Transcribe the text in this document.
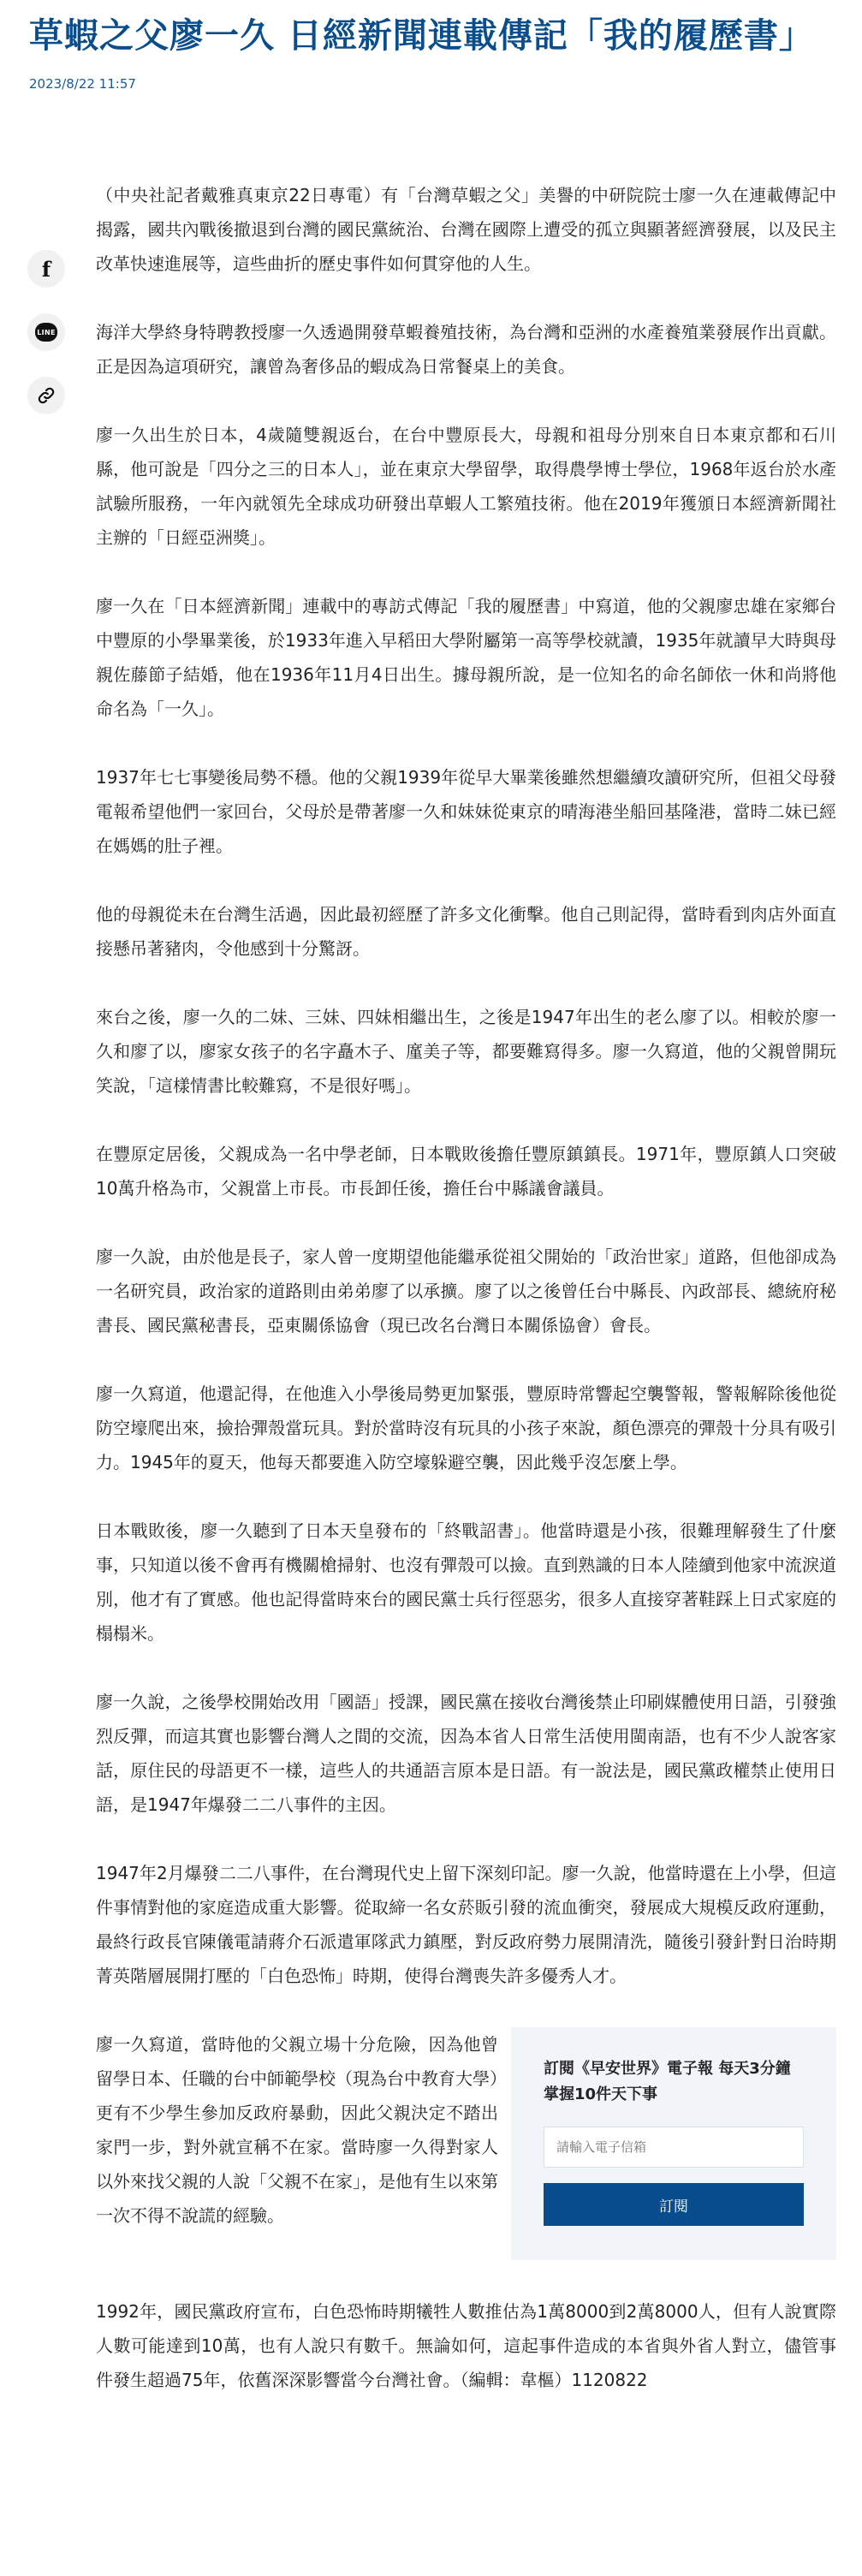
草蝦之父廖一久 日經新聞連載傳記「我的履歷書」
2023/8/22 11:57
f
LINE

（中央社記者戴雅真東京22日專電）有「台灣草蝦之父」美譽的中研院院士廖一久在連載傳記中揭露，國共內戰後撤退到台灣的國民黨統治、台灣在國際上遭受的孤立與顯著經濟發展，以及民主改革快速進展等，這些曲折的歷史事件如何貫穿他的人生。

海洋大學終身特聘教授廖一久透過開發草蝦養殖技術，為台灣和亞洲的水產養殖業發展作出貢獻。正是因為這項研究，讓曾為奢侈品的蝦成為日常餐桌上的美食。

廖一久出生於日本，4歲隨雙親返台，在台中豐原長大，母親和祖母分別來自日本東京都和石川縣，他可說是「四分之三的日本人」，並在東京大學留學，取得農學博士學位，1968年返台於水產試驗所服務，一年內就領先全球成功研發出草蝦人工繁殖技術。他在2019年獲頒日本經濟新聞社主辦的「日經亞洲獎」。

廖一久在「日本經濟新聞」連載中的專訪式傳記「我的履歷書」中寫道，他的父親廖忠雄在家鄉台中豐原的小學畢業後，於1933年進入早稻田大學附屬第一高等學校就讀，1935年就讀早大時與母親佐藤節子結婚，他在1936年11月4日出生。據母親所說，是一位知名的命名師依一休和尚將他命名為「一久」。

1937年七七事變後局勢不穩。他的父親1939年從早大畢業後雖然想繼續攻讀研究所，但祖父母發電報希望他們一家回台，父母於是帶著廖一久和妹妹從東京的晴海港坐船回基隆港，當時二妹已經在媽媽的肚子裡。

他的母親從未在台灣生活過，因此最初經歷了許多文化衝擊。他自己則記得，當時看到肉店外面直接懸吊著豬肉，令他感到十分驚訝。

來台之後，廖一久的二妹、三妹、四妹相繼出生，之後是1947年出生的老么廖了以。相較於廖一久和廖了以，廖家女孩子的名字矗木子、廑美子等，都要難寫得多。廖一久寫道，他的父親曾開玩笑說，「這樣情書比較難寫，不是很好嗎」。

在豐原定居後，父親成為一名中學老師，日本戰敗後擔任豐原鎮鎮長。1971年，豐原鎮人口突破10萬升格為市，父親當上市長。市長卸任後，擔任台中縣議會議員。

廖一久說，由於他是長子，家人曾一度期望他能繼承從祖父開始的「政治世家」道路，但他卻成為一名研究員，政治家的道路則由弟弟廖了以承擴。廖了以之後曾任台中縣長、內政部長、總統府秘書長、國民黨秘書長，亞東關係協會（現已改名台灣日本關係協會）會長。

廖一久寫道，他還記得，在他進入小學後局勢更加緊張，豐原時常響起空襲警報，警報解除後他從防空壕爬出來，撿拾彈殼當玩具。對於當時沒有玩具的小孩子來說，顏色漂亮的彈殼十分具有吸引力。1945年的夏天，他每天都要進入防空壕躲避空襲，因此幾乎沒怎麼上學。

日本戰敗後，廖一久聽到了日本天皇發布的「終戰詔書」。他當時還是小孩，很難理解發生了什麼事，只知道以後不會再有機關槍掃射、也沒有彈殼可以撿。直到熟識的日本人陸續到他家中流淚道別，他才有了實感。他也記得當時來台的國民黨士兵行徑惡劣，很多人直接穿著鞋踩上日式家庭的榻榻米。

廖一久說，之後學校開始改用「國語」授課，國民黨在接收台灣後禁止印刷媒體使用日語，引發強烈反彈，而這其實也影響台灣人之間的交流，因為本省人日常生活使用閩南語，也有不少人說客家話，原住民的母語更不一樣，這些人的共通語言原本是日語。有一說法是，國民黨政權禁止使用日語，是1947年爆發二二八事件的主因。

1947年2月爆發二二八事件，在台灣現代史上留下深刻印記。廖一久說，他當時還在上小學，但這件事情對他的家庭造成重大影響。從取締一名女菸販引發的流血衝突，發展成大規模反政府運動，最終行政長官陳儀電請蔣介石派遣軍隊武力鎮壓，對反政府勢力展開清洗，隨後引發針對日治時期菁英階層展開打壓的「白色恐怖」時期，使得台灣喪失許多優秀人才。

廖一久寫道，當時他的父親立場十分危險，因為他曾留學日本、任職的台中師範學校（現為台中教育大學）更有不少學生參加反政府暴動，因此父親決定不踏出家門一步，對外就宣稱不在家。當時廖一久得對家人以外來找父親的人說「父親不在家」，是他有生以來第一次不得不說謊的經驗。

訂閱《早安世界》電子報 每天3分鐘掌握10件天下事
請輸入電子信箱 訂閱

1992年，國民黨政府宣布，白色恐怖時期犧牲人數推估為1萬8000到2萬8000人，但有人說實際人數可能達到10萬，也有人說只有數千。無論如何，這起事件造成的本省與外省人對立，儘管事件發生超過75年，依舊深深影響當今台灣社會。（編輯：韋樞）1120822
